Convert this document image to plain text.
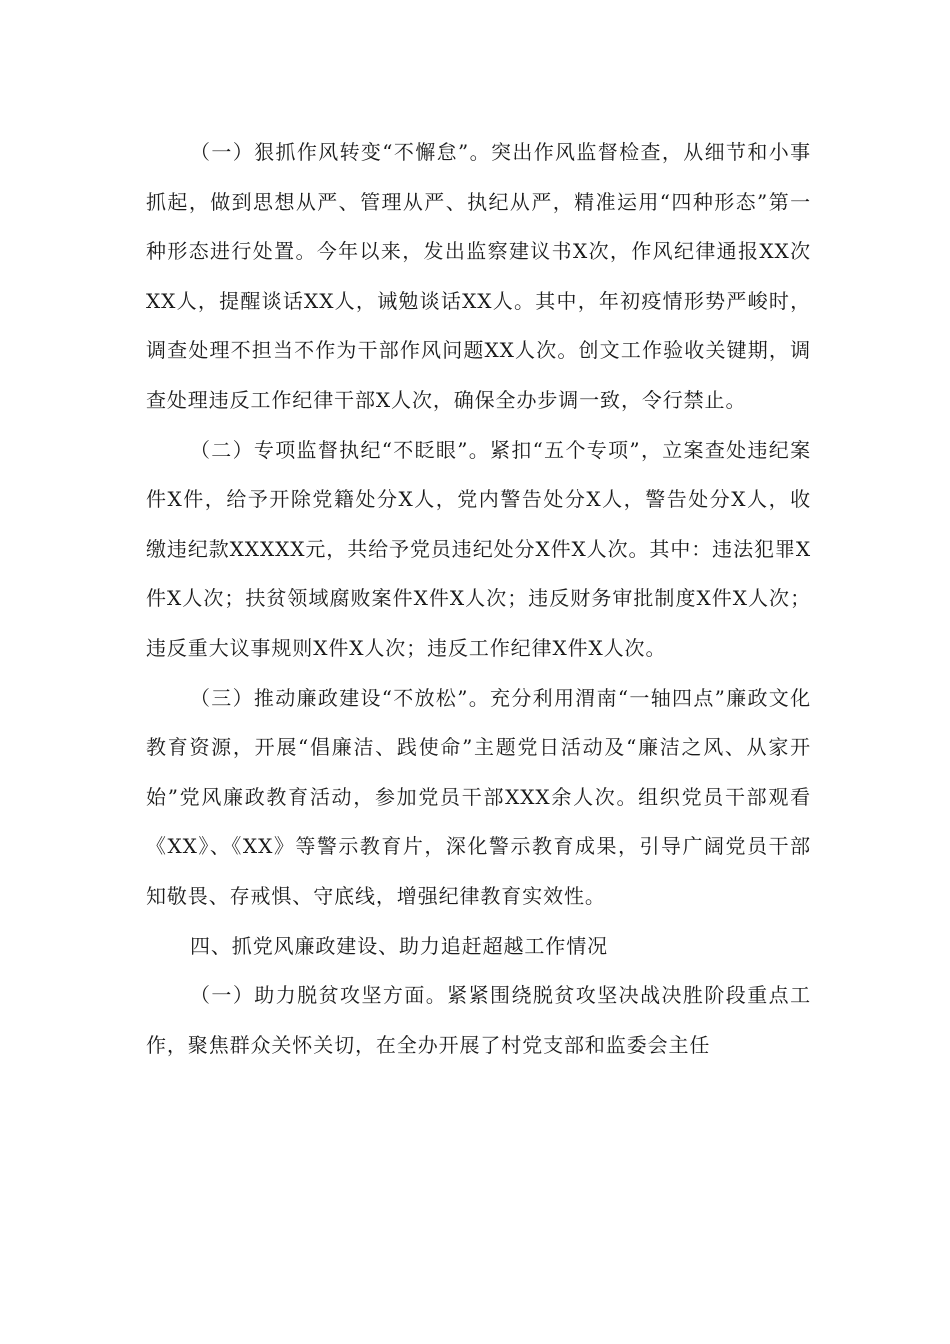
（一）狠抓作风转变“不懈怠”。突出作风监督检查，从细节和小事抓起，做到思想从严、管理从严、执纪从严，精准运用“四种形态”第一种形态进行处置。今年以来，发出监察建议书X次，作风纪律通报XX次XX人，提醒谈话XX人，诫勉谈话XX人。其中，年初疫情形势严峻时，调查处理不担当不作为干部作风问题XX人次。创文工作验收关键期，调查处理违反工作纪律干部X人次，确保全办步调一致，令行禁止。

（二）专项监督执纪“不眨眼”。紧扣“五个专项”，立案查处违纪案件X件，给予开除党籍处分X人，党内警告处分X人，警告处分X人，收缴违纪款XXXXX元，共给予党员违纪处分X件X人次。其中：违法犯罪X件X人次；扶贫领域腐败案件X件X人次；违反财务审批制度X件X人次；违反重大议事规则X件X人次；违反工作纪律X件X人次。

（三）推动廉政建设“不放松”。充分利用渭南“一轴四点”廉政文化教育资源，开展“倡廉洁、践使命”主题党日活动及“廉洁之风、从家开始”党风廉政教育活动，参加党员干部XXX余人次。组织党员干部观看《XX》、《XX》等警示教育片，深化警示教育成果，引导广阔党员干部知敬畏、存戒惧、守底线，增强纪律教育实效性。

四、抓党风廉政建设、助力追赶超越工作情况

（一）助力脱贫攻坚方面。紧紧围绕脱贫攻坚决战决胜阶段重点工作，聚焦群众关怀关切，在全办开展了村党支部和监委会主任
